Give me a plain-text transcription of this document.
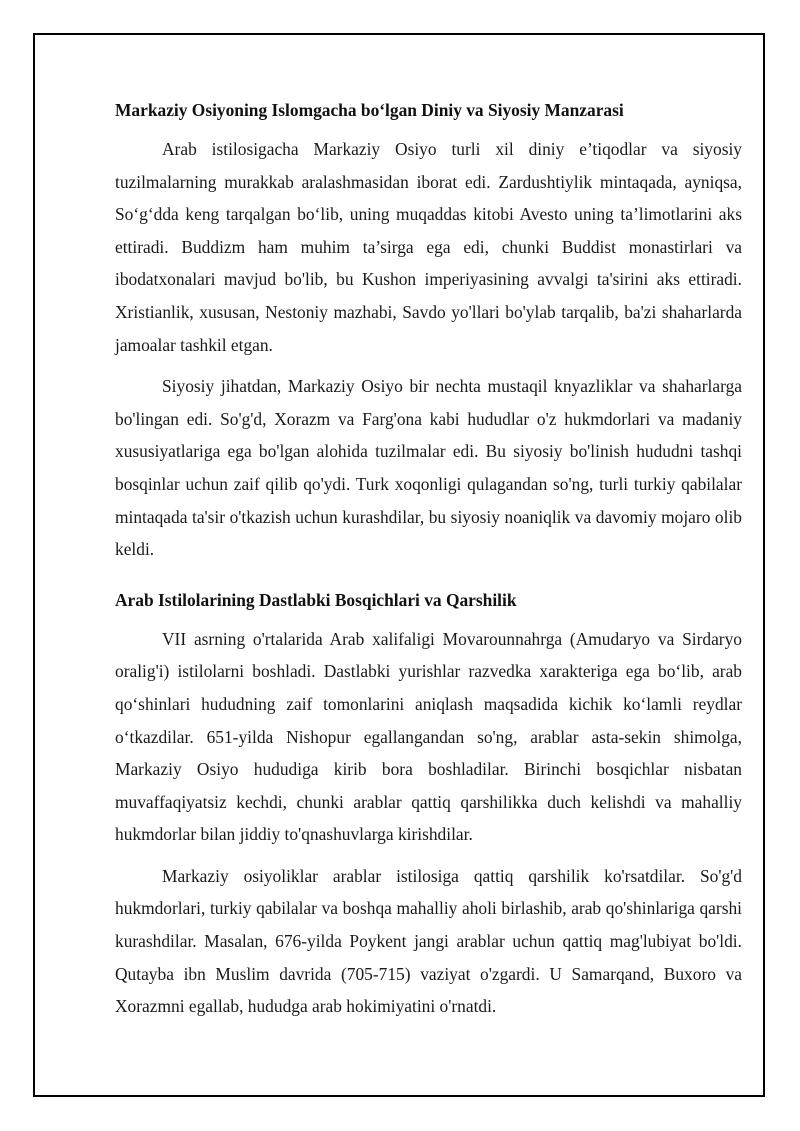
Markaziy Osiyoning Islomgacha bo‘lgan Diniy va Siyosiy Manzarasi

Arab istilosigacha Markaziy Osiyo turli xil diniy e’tiqodlar va siyosiy tuzilmalarning murakkab aralashmasidan iborat edi. Zardushtiylik mintaqada, ayniqsa, So‘g‘dda keng tarqalgan bo‘lib, uning muqaddas kitobi Avesto uning ta’limotlarini aks ettiradi. Buddizm ham muhim ta’sirga ega edi, chunki Buddist monastirlari va ibodatxonalari mavjud bo'lib, bu Kushon imperiyasining avvalgi ta'sirini aks ettiradi. Xristianlik, xususan, Nestoniy mazhabi, Savdo yo'llari bo'ylab tarqalib, ba'zi shaharlarda jamoalar tashkil etgan.

Siyosiy jihatdan, Markaziy Osiyo bir nechta mustaqil knyazliklar va shaharlarga bo'lingan edi. So'g'd, Xorazm va Farg'ona kabi hududlar o'z hukmdorlari va madaniy xususiyatlariga ega bo'lgan alohida tuzilmalar edi. Bu siyosiy bo'linish hududni tashqi bosqinlar uchun zaif qilib qo'ydi. Turk xoqonligi qulagandan so'ng, turli turkiy qabilalar mintaqada ta'sir o'tkazish uchun kurashdilar, bu siyosiy noaniqlik va davomiy mojaro olib keldi.

Arab Istilolarining Dastlabki Bosqichlari va Qarshilik

VII asrning o'rtalarida Arab xalifaligi Movarounnahrga (Amudaryo va Sirdaryo oralig'i) istilolarni boshladi. Dastlabki yurishlar razvedka xarakteriga ega bo‘lib, arab qo‘shinlari hududning zaif tomonlarini aniqlash maqsadida kichik ko‘lamli reydlar o‘tkazdilar. 651-yilda Nishopur egallangandan so'ng, arablar asta-sekin shimolga, Markaziy Osiyo hududiga kirib bora boshladilar. Birinchi bosqichlar nisbatan muvaffaqiyatsiz kechdi, chunki arablar qattiq qarshilikka duch kelishdi va mahalliy hukmdorlar bilan jiddiy to'qnashuvlarga kirishdilar.

Markaziy osiyoliklar arablar istilosiga qattiq qarshilik ko'rsatdilar. So'g'd hukmdorlari, turkiy qabilalar va boshqa mahalliy aholi birlashib, arab qo'shinlariga qarshi kurashdilar. Masalan, 676-yilda Poykent jangi arablar uchun qattiq mag'lubiyat bo'ldi. Qutayba ibn Muslim davrida (705-715) vaziyat o'zgardi. U Samarqand, Buxoro va Xorazmni egallab, hududga arab hokimiyatini o'rnatdi.
